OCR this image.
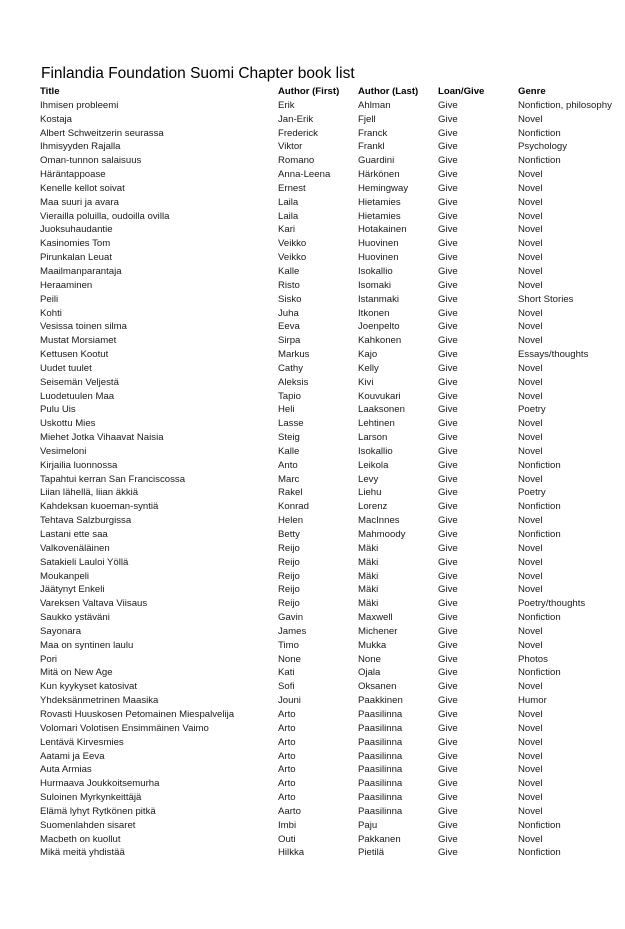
Finlandia Foundation Suomi Chapter book list
Title	Author (First)	Author (Last)	Loan/Give	Genre
Ihmisen probleemi	Erik	Ahlman	Give	Nonfiction, philosophy
Kostaja	Jan-Erik	Fjell	Give	Novel
Albert Schweitzerin seurassa	Frederick	Franck	Give	Nonfiction
Ihmisyyden Rajalla	Viktor	Frankl	Give	Psychology
Oman-tunnon salaisuus	Romano	Guardini	Give	Nonfiction
Häräntappoase	Anna-Leena	Härkönen	Give	Novel
Kenelle kellot soivat	Ernest	Hemingway	Give	Novel
Maa suuri ja avara	Laila	Hietamies	Give	Novel
Vierailla poluilla, oudoilla ovilla	Laila	Hietamies	Give	Novel
Juoksuhaudantie	Kari	Hotakainen	Give	Novel
Kasinomies Tom	Veikko	Huovinen	Give	Novel
Pirunkalan Leuat	Veikko	Huovinen	Give	Novel
Maailmanparantaja	Kalle	Isokallio	Give	Novel
Heraaminen	Risto	Isomaki	Give	Novel
Peili	Sisko	Istanmaki	Give	Short Stories
Kohti	Juha	Itkonen	Give	Novel
Vesissa toinen silma	Eeva	Joenpelto	Give	Novel
Mustat Morsiamet	Sirpa	Kahkonen	Give	Novel
Kettusen Kootut	Markus	Kajo	Give	Essays/thoughts
Uudet tuulet	Cathy	Kelly	Give	Novel
Seisemän Veljestä	Aleksis	Kivi	Give	Novel
Luodetuulen Maa	Tapio	Kouvukari	Give	Novel
Pulu Uis	Heli	Laaksonen	Give	Poetry
Uskottu Mies	Lasse	Lehtinen	Give	Novel
Miehet Jotka Vihaavat Naisia	Steig	Larson	Give	Novel
Vesimeloni	Kalle	Isokallio	Give	Novel
Kirjailia luonnossa	Anto	Leikola	Give	Nonfiction
Tapahtui kerran San Franciscossa	Marc	Levy	Give	Novel
Liian lähellä, liian äkkiä	Rakel	Liehu	Give	Poetry
Kahdeksan kuoeman-syntiä	Konrad	Lorenz	Give	Nonfiction
Tehtava Salzburgissa	Helen	MacInnes	Give	Novel
Lastani ette saa	Betty	Mahmoody	Give	Nonfiction
Valkovenäläinen	Reijo	Mäki	Give	Novel
Satakieli Lauloi Yöllä	Reijo	Mäki	Give	Novel
Moukanpeli	Reijo	Mäki	Give	Novel
Jäätynyt Enkeli	Reijo	Mäki	Give	Novel
Vareksen Valtava Viisaus	Reijo	Mäki	Give	Poetry/thoughts
Saukko ystäväni	Gavin	Maxwell	Give	Nonfiction
Sayonara	James	Michener	Give	Novel
Maa on syntinen laulu	Timo	Mukka	Give	Novel
Pori	None	None	Give	Photos
Mitä on New Age	Kati	Ojala	Give	Nonfiction
Kun kyykyset katosivat	Sofi	Oksanen	Give	Novel
Yhdeksänmetrinen Maasika	Jouni	Paakkinen	Give	Humor
Rovasti Huuskosen Petomainen Miespalvelija	Arto	Paasilinna	Give	Novel
Volomari Volotisen Ensimmäinen Vaimo	Arto	Paasilinna	Give	Novel
Lentävä Kirvesmies	Arto	Paasilinna	Give	Novel
Aatami ja Eeva	Arto	Paasilinna	Give	Novel
Auta Armias	Arto	Paasilinna	Give	Novel
Hurmaava Joukkoitsemurha	Arto	Paasilinna	Give	Novel
Suloinen Myrkynkeittäjä	Arto	Paasilinna	Give	Novel
Elämä lyhyt Rytkönen pitkä	Aarto	Paasilinna	Give	Novel
Suomenlahden sisaret	Imbi	Paju	Give	Nonfiction
Macbeth on kuollut	Outi	Pakkanen	Give	Novel
Mikä meitä yhdistää	Hilkka	Pietilä	Give	Nonfiction
